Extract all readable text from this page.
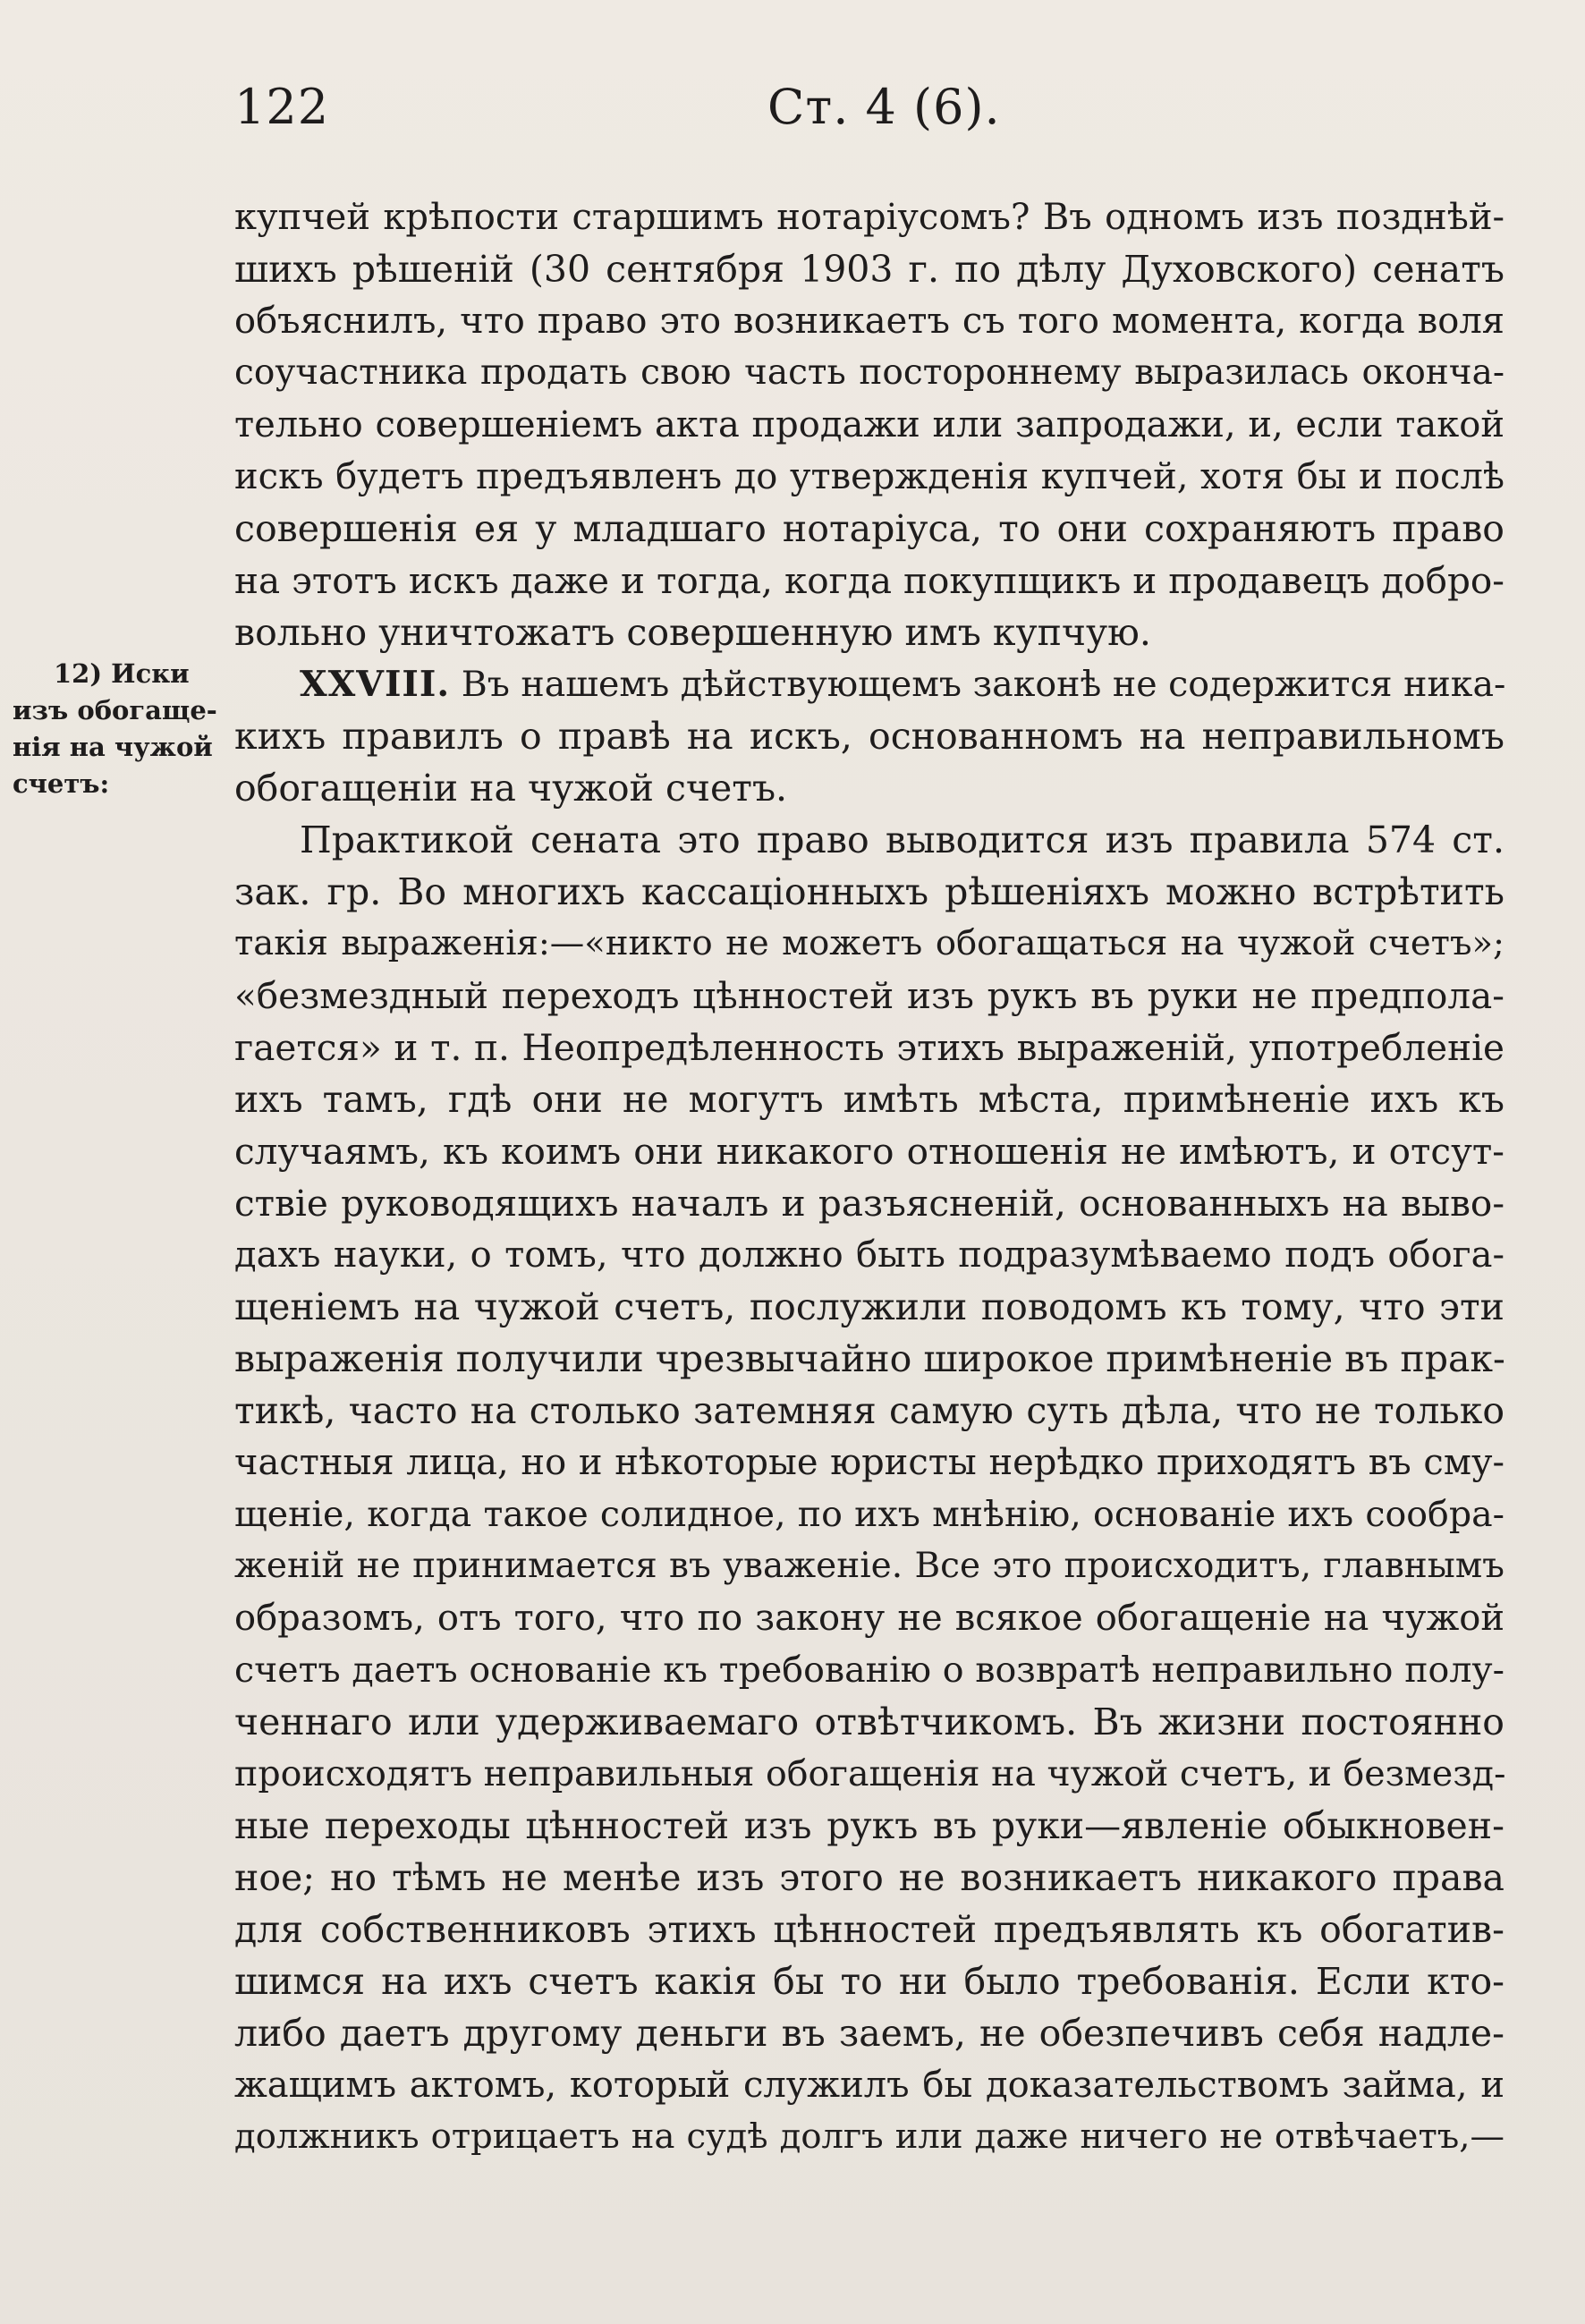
122	Ст. 4 (6).
12) Иски
изъ обогаще-
нія на чужой
счетъ:
купчей крѣпости старшимъ нотаріусомъ? Въ одномъ изъ позднѣй-
шихъ рѣшеній (30 сентября 1903 г. по дѣлу Духовского) сенатъ
объяснилъ, что право это возникаетъ съ того момента, когда воля
соучастника продать свою часть постороннему выразилась оконча-
тельно совершеніемъ акта продажи или запродажи, и, если такой
искъ будетъ предъявленъ до утвержденія купчей, хотя бы и послѣ
совершенія ея у младшаго нотаріуса, то они сохраняютъ право
на этотъ искъ даже и тогда, когда покупщикъ и продавецъ добро-
вольно уничтожатъ совершенную имъ купчую.
XXVIII. Въ нашемъ дѣйствующемъ законѣ не содержится ника-
кихъ правилъ о правѣ на искъ, основанномъ на неправильномъ
обогащеніи на чужой счетъ.
Практикой сената это право выводится изъ правила 574 ст.
зак. гр. Во многихъ кассаціонныхъ рѣшеніяхъ можно встрѣтить
такія выраженія:—«никто не можетъ обогащаться на чужой счетъ»;
«безмездный переходъ цѣнностей изъ рукъ въ руки не предпола-
гается» и т. п. Неопредѣленность этихъ выраженій, употребленіе
ихъ тамъ, гдѣ они не могутъ имѣть мѣста, примѣненіе ихъ къ
случаямъ, къ коимъ они никакого отношенія не имѣютъ, и отсут-
ствіе руководящихъ началъ и разъясненій, основанныхъ на выво-
дахъ науки, о томъ, что должно быть подразумѣваемо подъ обога-
щеніемъ на чужой счетъ, послужили поводомъ къ тому, что эти
выраженія получили чрезвычайно широкое примѣненіе въ прак-
тикѣ, часто на столько затемняя самую суть дѣла, что не только
частныя лица, но и нѣкоторые юристы нерѣдко приходятъ въ сму-
щеніе, когда такое солидное, по ихъ мнѣнію, основаніе ихъ сообра-
женій не принимается въ уваженіе. Все это происходитъ, главнымъ
образомъ, отъ того, что по закону не всякое обогащеніе на чужой
счетъ даетъ основаніе къ требованію о возвратѣ неправильно полу-
ченнаго или удерживаемаго отвѣтчикомъ. Въ жизни постоянно
происходятъ неправильныя обогащенія на чужой счетъ, и безмезд-
ные переходы цѣнностей изъ рукъ въ руки—явленіе обыкновен-
ное; но тѣмъ не менѣе изъ этого не возникаетъ никакого права
для собственниковъ этихъ цѣнностей предъявлять къ обогатив-
шимся на ихъ счетъ какія бы то ни было требованія. Если кто-
либо даетъ другому деньги въ заемъ, не обезпечивъ себя надле-
жащимъ актомъ, который служилъ бы доказательствомъ займа, и
должникъ отрицаетъ на судѣ долгъ или даже ничего не отвѣчаетъ,—
